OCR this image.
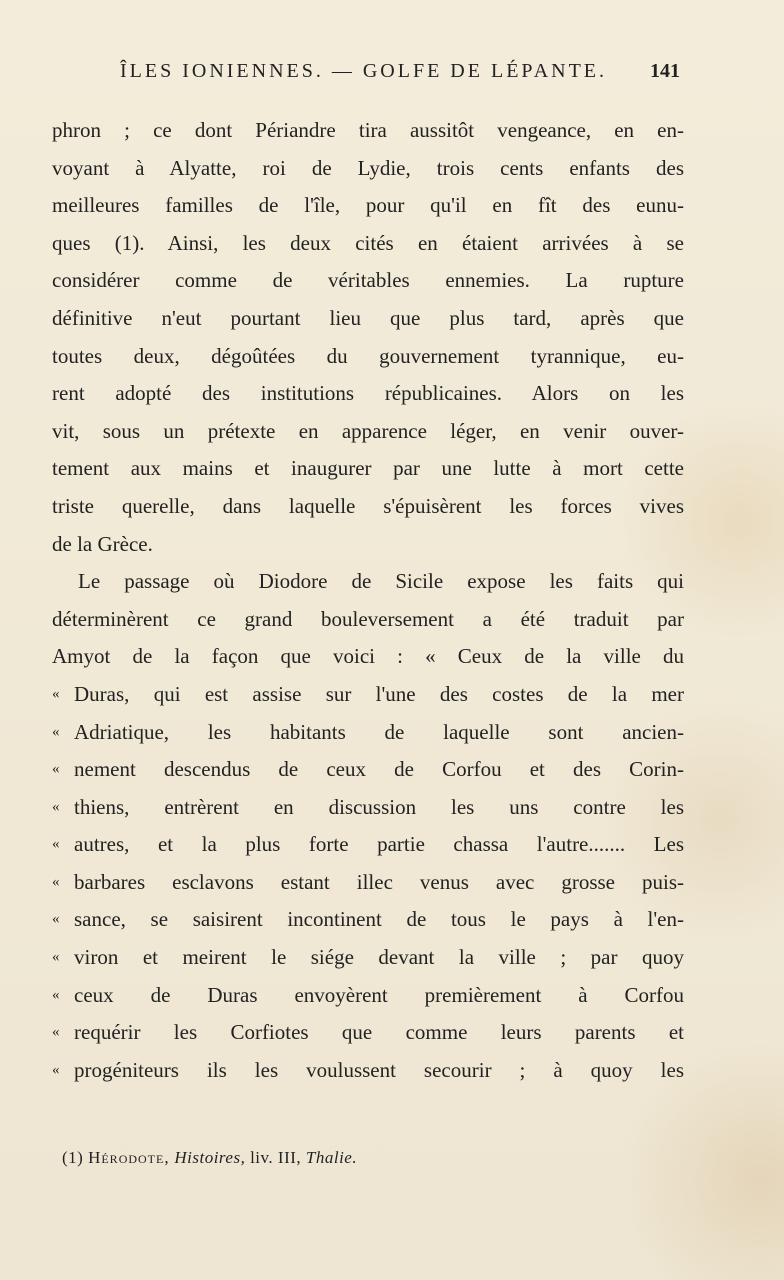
ÎLES IONIENNES. — GOLFE DE LÉPANTE. 141
phron ; ce dont Périandre tira aussitôt vengeance, en en-
voyant à Alyatte, roi de Lydie, trois cents enfants des
meilleures familles de l'île, pour qu'il en fît des eunu-
ques (1). Ainsi, les deux cités en étaient arrivées à se
considérer comme de véritables ennemies. La rupture
définitive n'eut pourtant lieu que plus tard, après que
toutes deux, dégoûtées du gouvernement tyrannique, eu-
rent adopté des institutions républicaines. Alors on les
vit, sous un prétexte en apparence léger, en venir ouver-
tement aux mains et inaugurer par une lutte à mort cette
triste querelle, dans laquelle s'épuisèrent les forces vives
de la Grèce.
Le passage où Diodore de Sicile expose les faits qui
déterminèrent ce grand bouleversement a été traduit par
Amyot de la façon que voici : « Ceux de la ville du
« Duras, qui est assise sur l'une des costes de la mer
« Adriatique, les habitants de laquelle sont ancien-
« nement descendus de ceux de Corfou et des Corin-
« thiens, entrèrent en discussion les uns contre les
« autres, et la plus forte partie chassa l'autre....... Les
« barbares esclavons estant illec venus avec grosse puis-
« sance, se saisirent incontinent de tous le pays à l'en-
« viron et meirent le siége devant la ville ; par quoy
« ceux de Duras envoyèrent premièrement à Corfou
« requérir les Corfiotes que comme leurs parents et
« progéniteurs ils les voulussent secourir ; à quoy les
(1) Hérodote, Histoires, liv. III, Thalie.
